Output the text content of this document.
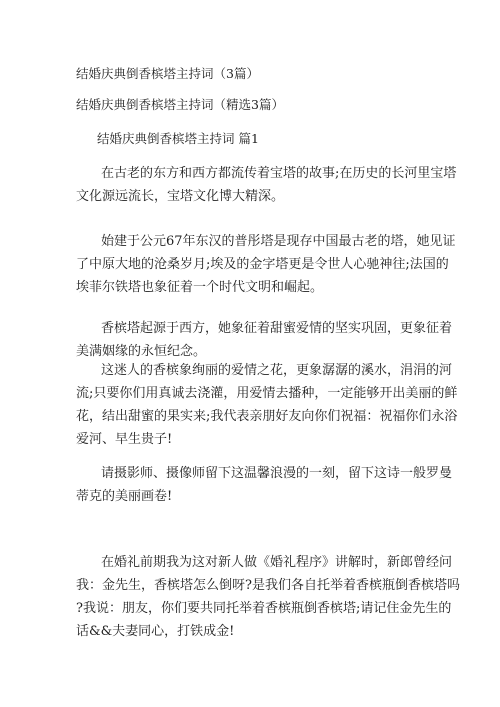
结婚庆典倒香槟塔主持词（3篇）
结婚庆典倒香槟塔主持词（精选3篇）
结婚庆典倒香槟塔主持词 篇1
在古老的东方和西方都流传着宝塔的故事;在历史的长河里宝塔
文化源远流长，宝塔文化博大精深。
始建于公元67年东汉的普彤塔是现存中国最古老的塔，她见证
了中原大地的沧桑岁月;埃及的金字塔更是令世人心驰神往;法国的
埃菲尔铁塔也象征着一个时代文明和崛起。
香槟塔起源于西方，她象征着甜蜜爱情的坚实巩固，更象征着
美满姻缘的永恒纪念。
这迷人的香槟象绚丽的爱情之花，更象潺潺的溪水，涓涓的河
流;只要你们用真诚去浇灌，用爱情去播种，一定能够开出美丽的鲜
花，结出甜蜜的果实来;我代表亲朋好友向你们祝福：祝福你们永浴
爱河、早生贵子!
请摄影师、摄像师留下这温馨浪漫的一刻，留下这诗一般罗曼
蒂克的美丽画卷!
在婚礼前期我为这对新人做《婚礼程序》讲解时，新郎曾经问
我：金先生，香槟塔怎么倒呀?是我们各自托举着香槟瓶倒香槟塔吗
?我说：朋友，你们要共同托举着香槟瓶倒香槟塔;请记住金先生的
话&&夫妻同心，打铁成金!
